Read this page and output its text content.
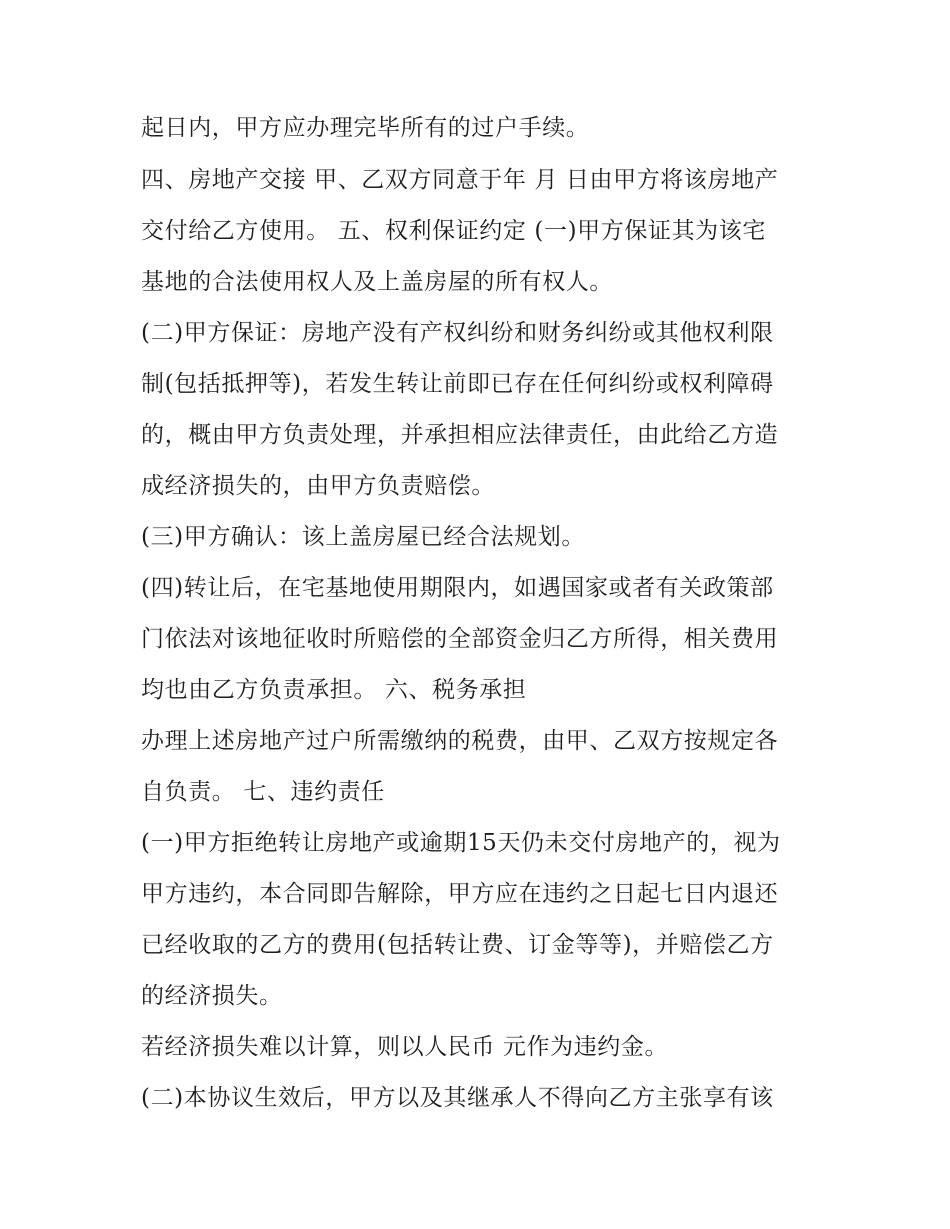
起日内，甲方应办理完毕所有的过户手续。
四、房地产交接 甲、乙双方同意于年 月 日由甲方将该房地产
交付给乙方使用。 五、权利保证约定 (一)甲方保证其为该宅
基地的合法使用权人及上盖房屋的所有权人。
(二)甲方保证：房地产没有产权纠纷和财务纠纷或其他权利限
制(包括抵押等)，若发生转让前即已存在任何纠纷或权利障碍
的，概由甲方负责处理，并承担相应法律责任，由此给乙方造
成经济损失的，由甲方负责赔偿。
(三)甲方确认：该上盖房屋已经合法规划。
(四)转让后，在宅基地使用期限内，如遇国家或者有关政策部
门依法对该地征收时所赔偿的全部资金归乙方所得，相关费用
均也由乙方负责承担。 六、税务承担
办理上述房地产过户所需缴纳的税费，由甲、乙双方按规定各
自负责。 七、违约责任
(一)甲方拒绝转让房地产或逾期15天仍未交付房地产的，视为
甲方违约，本合同即告解除，甲方应在违约之日起七日内退还
已经收取的乙方的费用(包括转让费、订金等等)，并赔偿乙方
的经济损失。
若经济损失难以计算，则以人民币 元作为违约金。
(二)本协议生效后，甲方以及其继承人不得向乙方主张享有该
